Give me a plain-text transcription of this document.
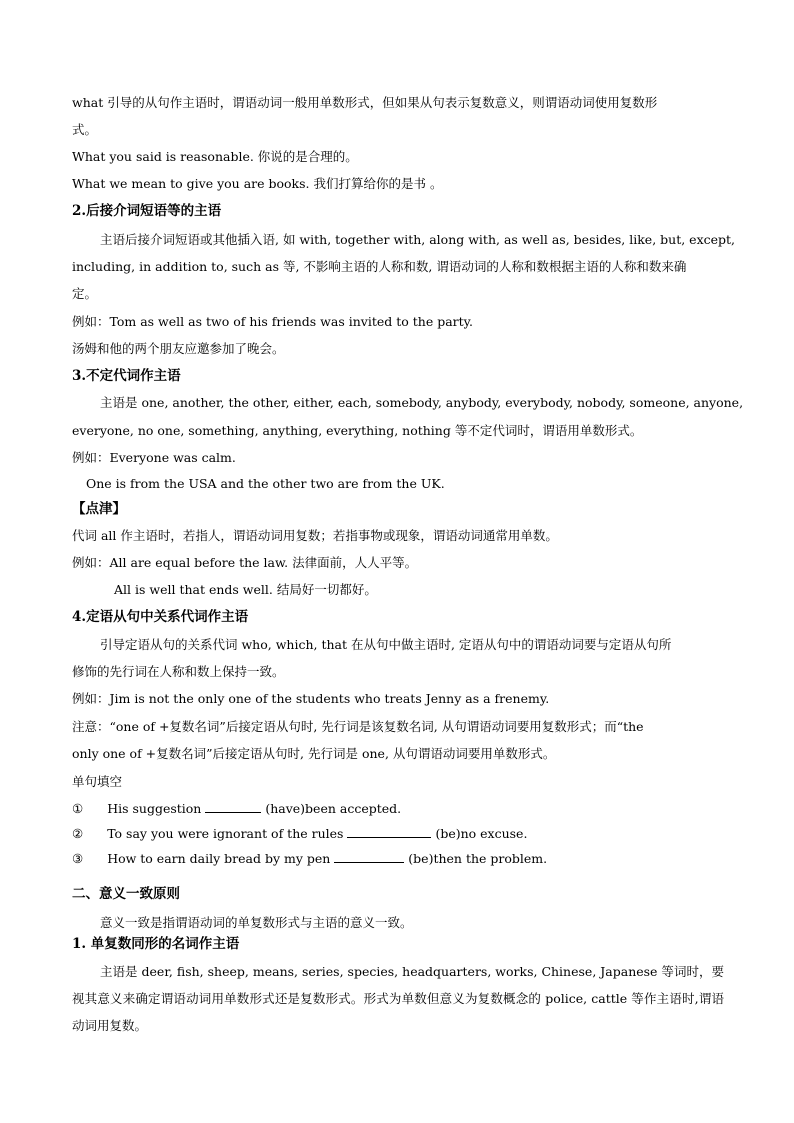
what 引导的从句作主语时，谓语动词一般用单数形式，但如果从句表示复数意义，则谓语动词使用复数形
式。
What you said is reasonable. 你说的是合理的。
What we mean to give you are books. 我们打算给你的是书 。
2.后接介词短语等的主语
主语后接介词短语或其他插入语, 如 with, together with, along with, as well as, besides, like, but, except,
including, in addition to, such as 等, 不影响主语的人称和数, 谓语动词的人称和数根据主语的人称和数来确
定。
例如：Tom as well as two of his friends was invited to the party.
汤姆和他的两个朋友应邀参加了晚会。
3.不定代词作主语
主语是 one, another, the other, either, each, somebody, anybody, everybody, nobody, someone, anyone,
everyone, no one, something, anything, everything, nothing 等不定代词时，谓语用单数形式。
例如：Everyone was calm.
One is from the USA and the other two are from the UK.
【点津】
代词 all 作主语时，若指人，谓语动词用复数；若指事物或现象，谓语动词通常用单数。
例如：All are equal before the law. 法律面前，人人平等。
All is well that ends well. 结局好一切都好。
4.定语从句中关系代词作主语
引导定语从句的关系代词 who, which, that 在从句中做主语时, 定语从句中的谓语动词要与定语从句所
修饰的先行词在人称和数上保持一致。
例如：Jim is not the only one of the students who treats Jenny as a frenemy.
注意：“one of +复数名词”后接定语从句时, 先行词是该复数名词, 从句谓语动词要用复数形式；而“the
only one of +复数名词”后接定语从句时, 先行词是 one, 从句谓语动词要用单数形式。
单句填空
① His suggestion	(have)been accepted.
② To say you were ignorant of the rules	(be)no excuse.
③ How to earn daily bread by my pen	(be)then the problem.
二、意义一致原则
意义一致是指谓语动词的单复数形式与主语的意义一致。
1. 单复数同形的名词作主语
主语是 deer, fish, sheep, means, series, species, headquarters, works, Chinese, Japanese 等词时，要视其意义来确定谓语动词用单数形式还是复数形式。形式为单数但意义为复数概念的 police, cattle 等作主语时,谓语动词用复数。
